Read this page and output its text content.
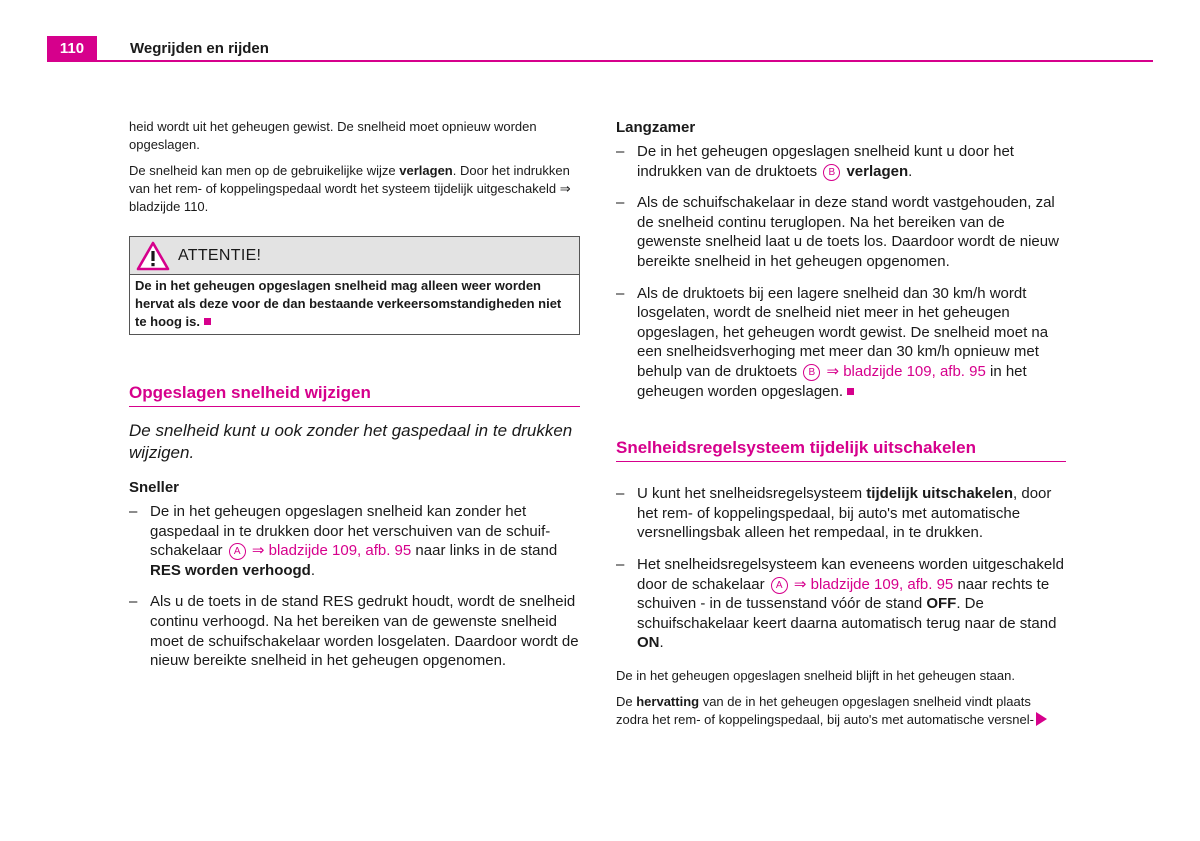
110	Wegrijden en rijden

heid wordt uit het geheugen gewist. De snelheid moet opnieuw worden opgeslagen.

De snelheid kan men op de gebruikelijke wijze verlagen. Door het indrukken van het rem- of koppelingspedaal wordt het systeem tijdelijk uitgeschakeld ⇒ bladzijde 110.

ATTENTIE!
De in het geheugen opgeslagen snelheid mag alleen weer worden hervat als deze voor de dan bestaande verkeersomstandigheden niet te hoog is.
Opgeslagen snelheid wijzigen

De snelheid kunt u ook zonder het gaspedaal in te drukken wijzigen.

Sneller

– De in het geheugen opgeslagen snelheid kan zonder het gaspedaal in te drukken door het verschuiven van de schuifschakelaar A ⇒ bladzijde 109, afb. 95 naar links in de stand RES worden verhoogd.
– Als u de toets in de stand RES gedrukt houdt, wordt de snelheid continu verhoogd. Na het bereiken van de gewenste snelheid moet de schuifschakelaar worden losgelaten. Daardoor wordt de nieuw bereikte snelheid in het geheugen opgenomen.

Langzamer

– De in het geheugen opgeslagen snelheid kunt u door het indrukken van de druktoets B verlagen.
– Als de schuifschakelaar in deze stand wordt vastgehouden, zal de snelheid continu teruglopen. Na het bereiken van de gewenste snelheid laat u de toets los. Daardoor wordt de nieuw bereikte snelheid in het geheugen opgenomen.
– Als de druktoets bij een lagere snelheid dan 30 km/h wordt losgelaten, wordt de snelheid niet meer in het geheugen opgeslagen, het geheugen wordt gewist. De snelheid moet na een snelheidsverhoging met meer dan 30 km/h opnieuw met behulp van de druktoets B ⇒ bladzijde 109, afb. 95 in het geheugen worden opgeslagen.
Snelheidsregelsysteem tijdelijk uitschakelen
– U kunt het snelheidsregelsysteem tijdelijk uitschakelen, door het rem- of koppelingspedaal, bij auto's met automatische versnellingsbak alleen het rempedaal, in te drukken.
– Het snelheidsregelsysteem kan eveneens worden uitgeschakeld door de schakelaar A ⇒ bladzijde 109, afb. 95 naar rechts te schuiven - in de tussenstand vóór de stand OFF. De schuifschakelaar keert daarna automatisch terug naar de stand ON.

De in het geheugen opgeslagen snelheid blijft in het geheugen staan.

De hervatting van de in het geheugen opgeslagen snelheid vindt plaats zodra het rem- of koppelingspedaal, bij auto's met automatische versnel-
